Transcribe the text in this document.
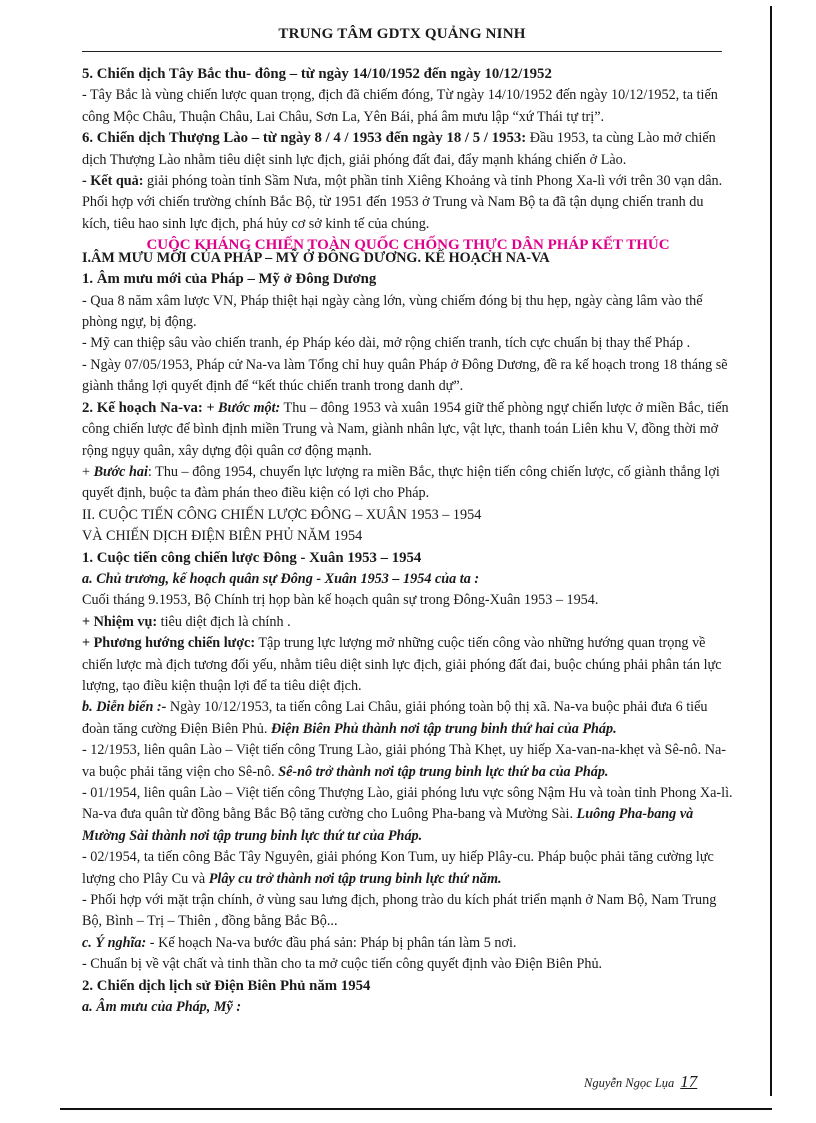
TRUNG TÂM GDTX QUẢNG NINH

5. Chiến dịch Tây Bắc thu- đông – từ ngày 14/10/1952 đến ngày 10/12/1952

- Tây Bắc là vùng chiến lược quan trọng, địch đã chiếm đóng, Từ ngày 14/10/1952 đến ngày 10/12/1952, ta tiến công Mộc Châu, Thuận Châu, Lai Châu, Sơn La, Yên Bái, phá âm mưu lập “xứ Thái tự trị”.

6. Chiến dịch Thượng Lào – từ ngày 8 / 4 / 1953 đến ngày 18 / 5 / 1953: Đầu 1953, ta cùng Lào mở chiến dịch Thượng Lào nhằm tiêu diệt sinh lực địch, giải phóng đất đai, đẩy mạnh kháng chiến ở Lào.

- Kết quả: giải phóng toàn tỉnh Sầm Nưa, một phần tỉnh Xiêng Khoảng và tỉnh Phong Xa-lì với trên 30 vạn dân. Phối hợp với chiến trường chính Bắc Bộ, từ 1951 đến 1953 ở Trung và Nam Bộ ta đã tận dụng chiến tranh du kích, tiêu hao sinh lực địch, phá hủy cơ sở kinh tế của chúng.

CUỘC KHÁNG CHIẾN TOÀN QUỐC CHỐNG THỰC DÂN PHÁP KẾT THÚC

I.ÂM MƯU MỚI CỦA PHÁP – MỸ Ở ĐÔNG DƯƠNG. KẾ HOẠCH NA-VA

1. Âm mưu mới của Pháp – Mỹ ở Đông Dương

- Qua 8 năm xâm lược VN, Pháp thiệt hại ngày càng lớn, vùng chiếm đóng bị thu hẹp, ngày càng lâm vào thế phòng ngự, bị động.

- Mỹ can thiệp sâu vào chiến tranh, ép Pháp kéo dài, mở rộng chiến tranh, tích cực chuẩn bị thay thế Pháp .

- Ngày 07/05/1953, Pháp cử Na-va làm Tổng chỉ huy quân Pháp ở Đông Dương, đề ra kế hoạch trong 18 tháng sẽ giành thắng lợi quyết định để “kết thúc chiến tranh trong danh dự”.

2. Kế hoạch Na-va: + Bước một: Thu – đông 1953 và xuân 1954 giữ thế phòng ngự chiến lược ở miền Bắc, tiến công chiến lược để bình định miền Trung và Nam, giành nhân lực, vật lực, thanh toán Liên khu V, đồng thời mở rộng ngụy quân, xây dựng đội quân cơ động mạnh.

+ Bước hai: Thu – đông 1954, chuyển lực lượng ra miền Bắc, thực hiện tiến công chiến lược, cố giành thắng lợi quyết định, buộc ta đàm phán theo điều kiện có lợi cho Pháp.

II. CUỘC TIẾN CÔNG CHIẾN LƯỢC ĐÔNG – XUÂN 1953 – 1954

VÀ CHIẾN DỊCH ĐIỆN BIÊN PHỦ NĂM 1954

1. Cuộc tiến công chiến lược Đông - Xuân 1953 – 1954

a. Chủ trương, kế hoạch quân sự Đông - Xuân 1953 – 1954 của ta :

Cuối tháng 9.1953, Bộ Chính trị họp bàn kế hoạch quân sự trong Đông-Xuân 1953 – 1954.

+ Nhiệm vụ: tiêu diệt địch là chính .

+ Phương hướng chiến lược: Tập trung lực lượng mở những cuộc tiến công vào những hướng quan trọng về chiến lược mà địch tương đối yếu, nhằm tiêu diệt sinh lực địch, giải phóng đất đai, buộc chúng phải phân tán lực lượng, tạo điều kiện thuận lợi để ta tiêu diệt địch.

b. Diễn biến :- Ngày 10/12/1953, ta tiến công Lai Châu, giải phóng toàn bộ thị xã. Na-va buộc phải đưa 6 tiểu đoàn tăng cường Điện Biên Phủ. Điện Biên Phủ thành nơi tập trung binh thứ hai của Pháp.

- 12/1953, liên quân Lào – Việt tiến công Trung Lào, giải phóng Thà Khẹt, uy hiếp Xa-van-na-khẹt và Sê-nô. Na-va buộc phải tăng viện cho Sê-nô. Sê-nô trở thành nơi tập trung binh lực thứ ba của Pháp.

- 01/1954, liên quân Lào – Việt tiến công Thượng Lào, giải phóng lưu vực sông Nậm Hu và toàn tỉnh Phong Xa-lì. Na-va đưa quân từ đồng bằng Bắc Bộ tăng cường cho Luông Pha-bang và Mường Sài. Luông Pha-bang và Mường Sài thành nơi tập trung binh lực thứ tư của Pháp.

- 02/1954, ta tiến công Bắc Tây Nguyên, giải phóng Kon Tum, uy hiếp Plây-cu. Pháp buộc phải tăng cường lực lượng cho Plây Cu và Plây cu trở thành nơi tập trung binh lực thứ năm.

- Phối hợp với mặt trận chính, ở vùng sau lưng địch, phong trào du kích phát triển mạnh ở Nam Bộ, Nam Trung Bộ, Bình – Trị – Thiên , đồng bằng Bắc Bộ...

c. Ý nghĩa: - Kế hoạch Na-va bước đầu phá sản: Pháp bị phân tán làm 5 nơi.

- Chuẩn bị về vật chất và tinh thần cho ta mở cuộc tiến công quyết định vào Điện Biên Phủ.

2. Chiến dịch lịch sử Điện Biên Phủ năm 1954

a. Âm mưu của Pháp, Mỹ :

Nguyễn Ngọc Lụa 17
